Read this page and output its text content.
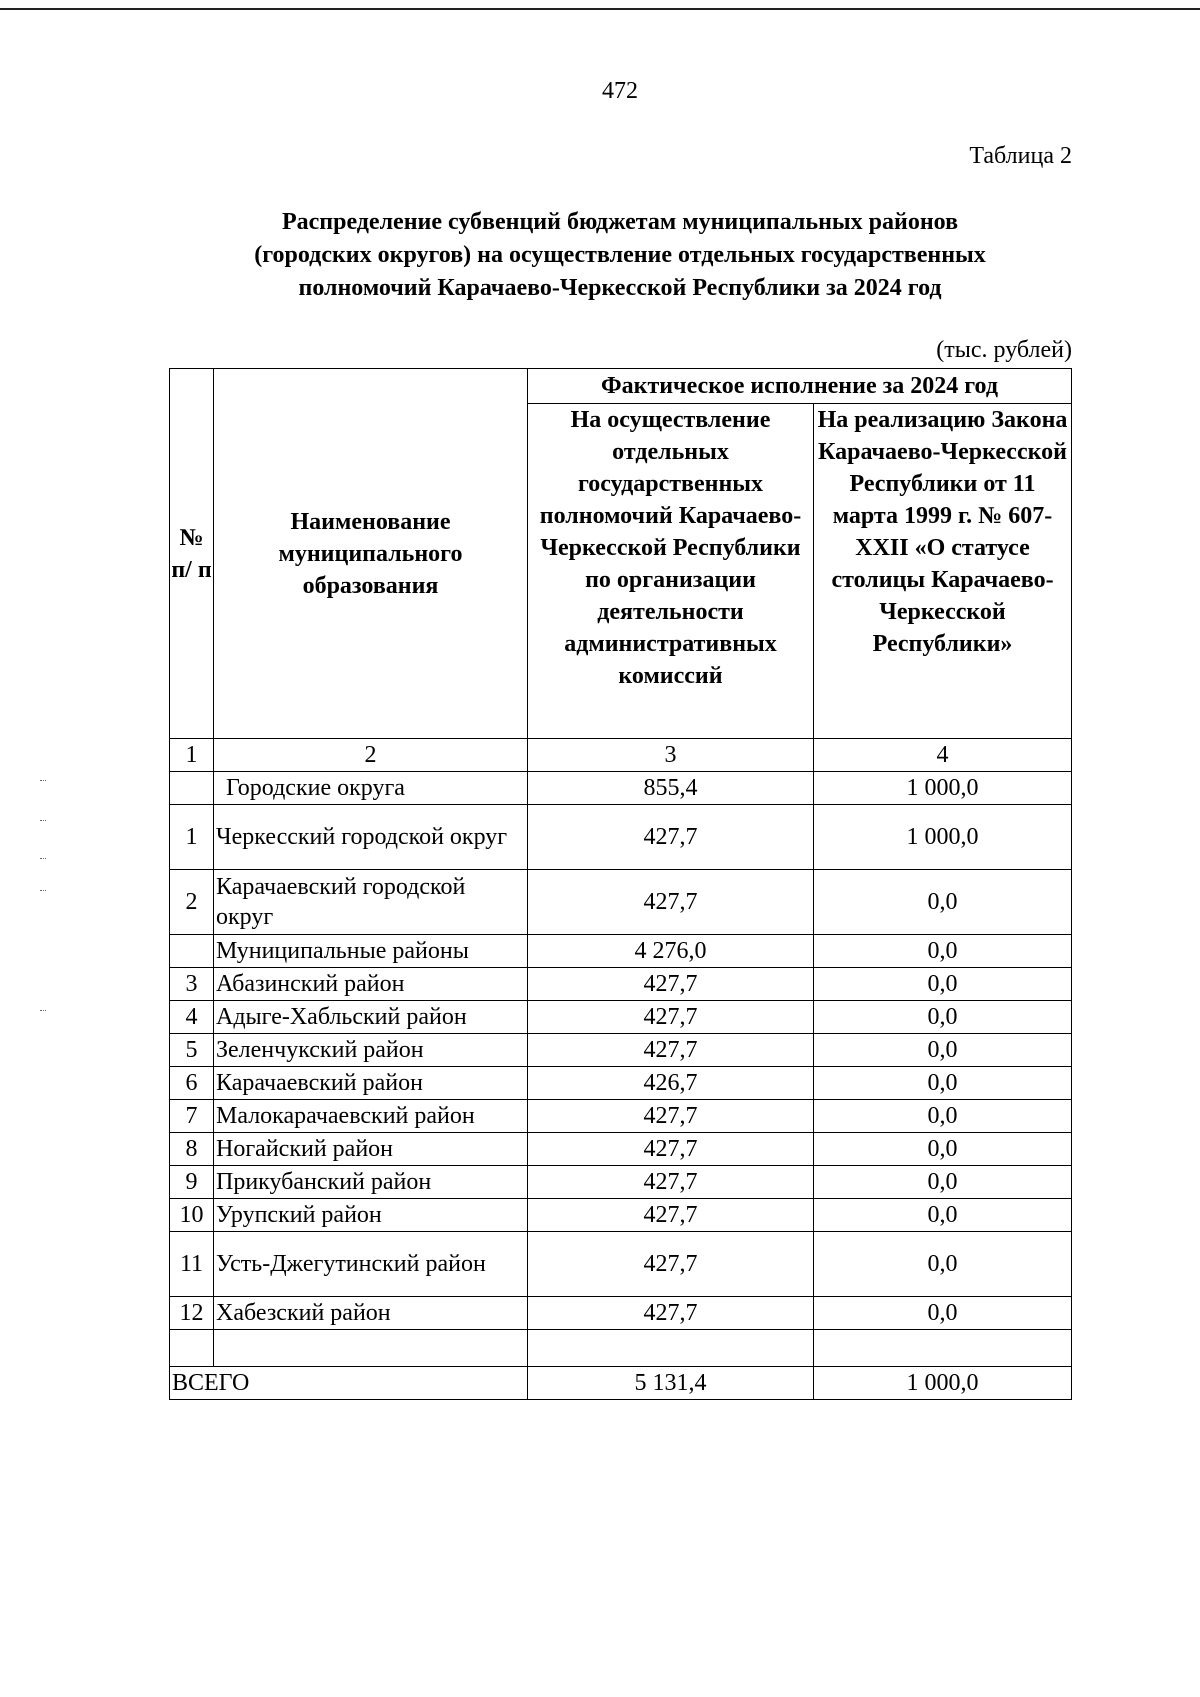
472
Таблица 2
Распределение субвенций бюджетам муниципальных районов
(городских округов) на осуществление отдельных государственных
полномочий Карачаево-Черкесской Республики за 2024 год
(тыс. рублей)
№ п/ п	Наименование муниципального образования	Фактическое исполнение за 2024 год	
		На осуществление отдельных государственных полномочий Карачаево-Черкесской Республики по организации деятельности административных комиссий	На реализацию Закона Карачаево-Черкесской Республики от 11 марта 1999 г. № 607-XXII «О статусе столицы Карачаево-Черкесской Республики»
1	2	3	4
	Городские округа	855,4	1 000,0
1	Черкесский городской округ	427,7	1 000,0
2	Карачаевский городской округ	427,7	0,0
	Муниципальные районы	4 276,0	0,0
3	Абазинский район	427,7	0,0
4	Адыге-Хабльский район	427,7	0,0
5	Зеленчукский район	427,7	0,0
6	Карачаевский район	426,7	0,0
7	Малокарачаевский район	427,7	0,0
8	Ногайский район	427,7	0,0
9	Прикубанский район	427,7	0,0
10	Урупский район	427,7	0,0
11	Усть-Джегутинский район	427,7	0,0
12	Хабезский район	427,7	0,0

ВСЕГО		5 131,4	1 000,0
